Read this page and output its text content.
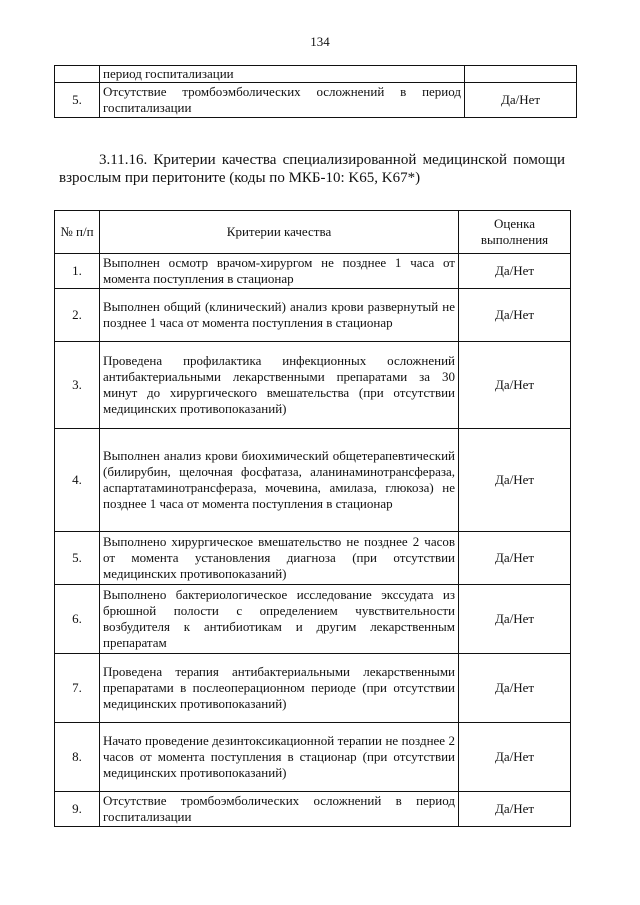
134
	период госпитализации	
5.	Отсутствие тромбоэмболических осложнений в период госпитализации	Да/Нет
3.11.16. Критерии качества специализированной медицинской помощи взрослым при перитоните (коды по МКБ-10: K65, K67*)
№ п/п	Критерии качества	Оценка выполнения
1.	Выполнен осмотр врачом-хирургом не позднее 1 часа от момента поступления в стационар	Да/Нет
2.	Выполнен общий (клинический) анализ крови развернутый не позднее 1 часа от момента поступления в стационар	Да/Нет
3.	Проведена профилактика инфекционных осложнений антибактериальными лекарственными препаратами за 30 минут до хирургического вмешательства (при отсутствии медицинских противопоказаний)	Да/Нет
4.	Выполнен анализ крови биохимический общетерапевтический (билирубин, щелочная фосфатаза, аланинаминотрансфераза, аспартатаминотрансфераза, мочевина, амилаза, глюкоза) не позднее 1 часа от момента поступления в стационар	Да/Нет
5.	Выполнено хирургическое вмешательство не позднее 2 часов от момента установления диагноза (при отсутствии медицинских противопоказаний)	Да/Нет
6.	Выполнено бактериологическое исследование экссудата из брюшной полости с определением чувствительности возбудителя к антибиотикам и другим лекарственным препаратам	Да/Нет
7.	Проведена терапия антибактериальными лекарственными препаратами в послеоперационном периоде (при отсутствии медицинских противопоказаний)	Да/Нет
8.	Начато проведение дезинтоксикационной терапии не позднее 2 часов от момента поступления в стационар (при отсутствии медицинских противопоказаний)	Да/Нет
9.	Отсутствие тромбоэмболических осложнений в период госпитализации	Да/Нет
